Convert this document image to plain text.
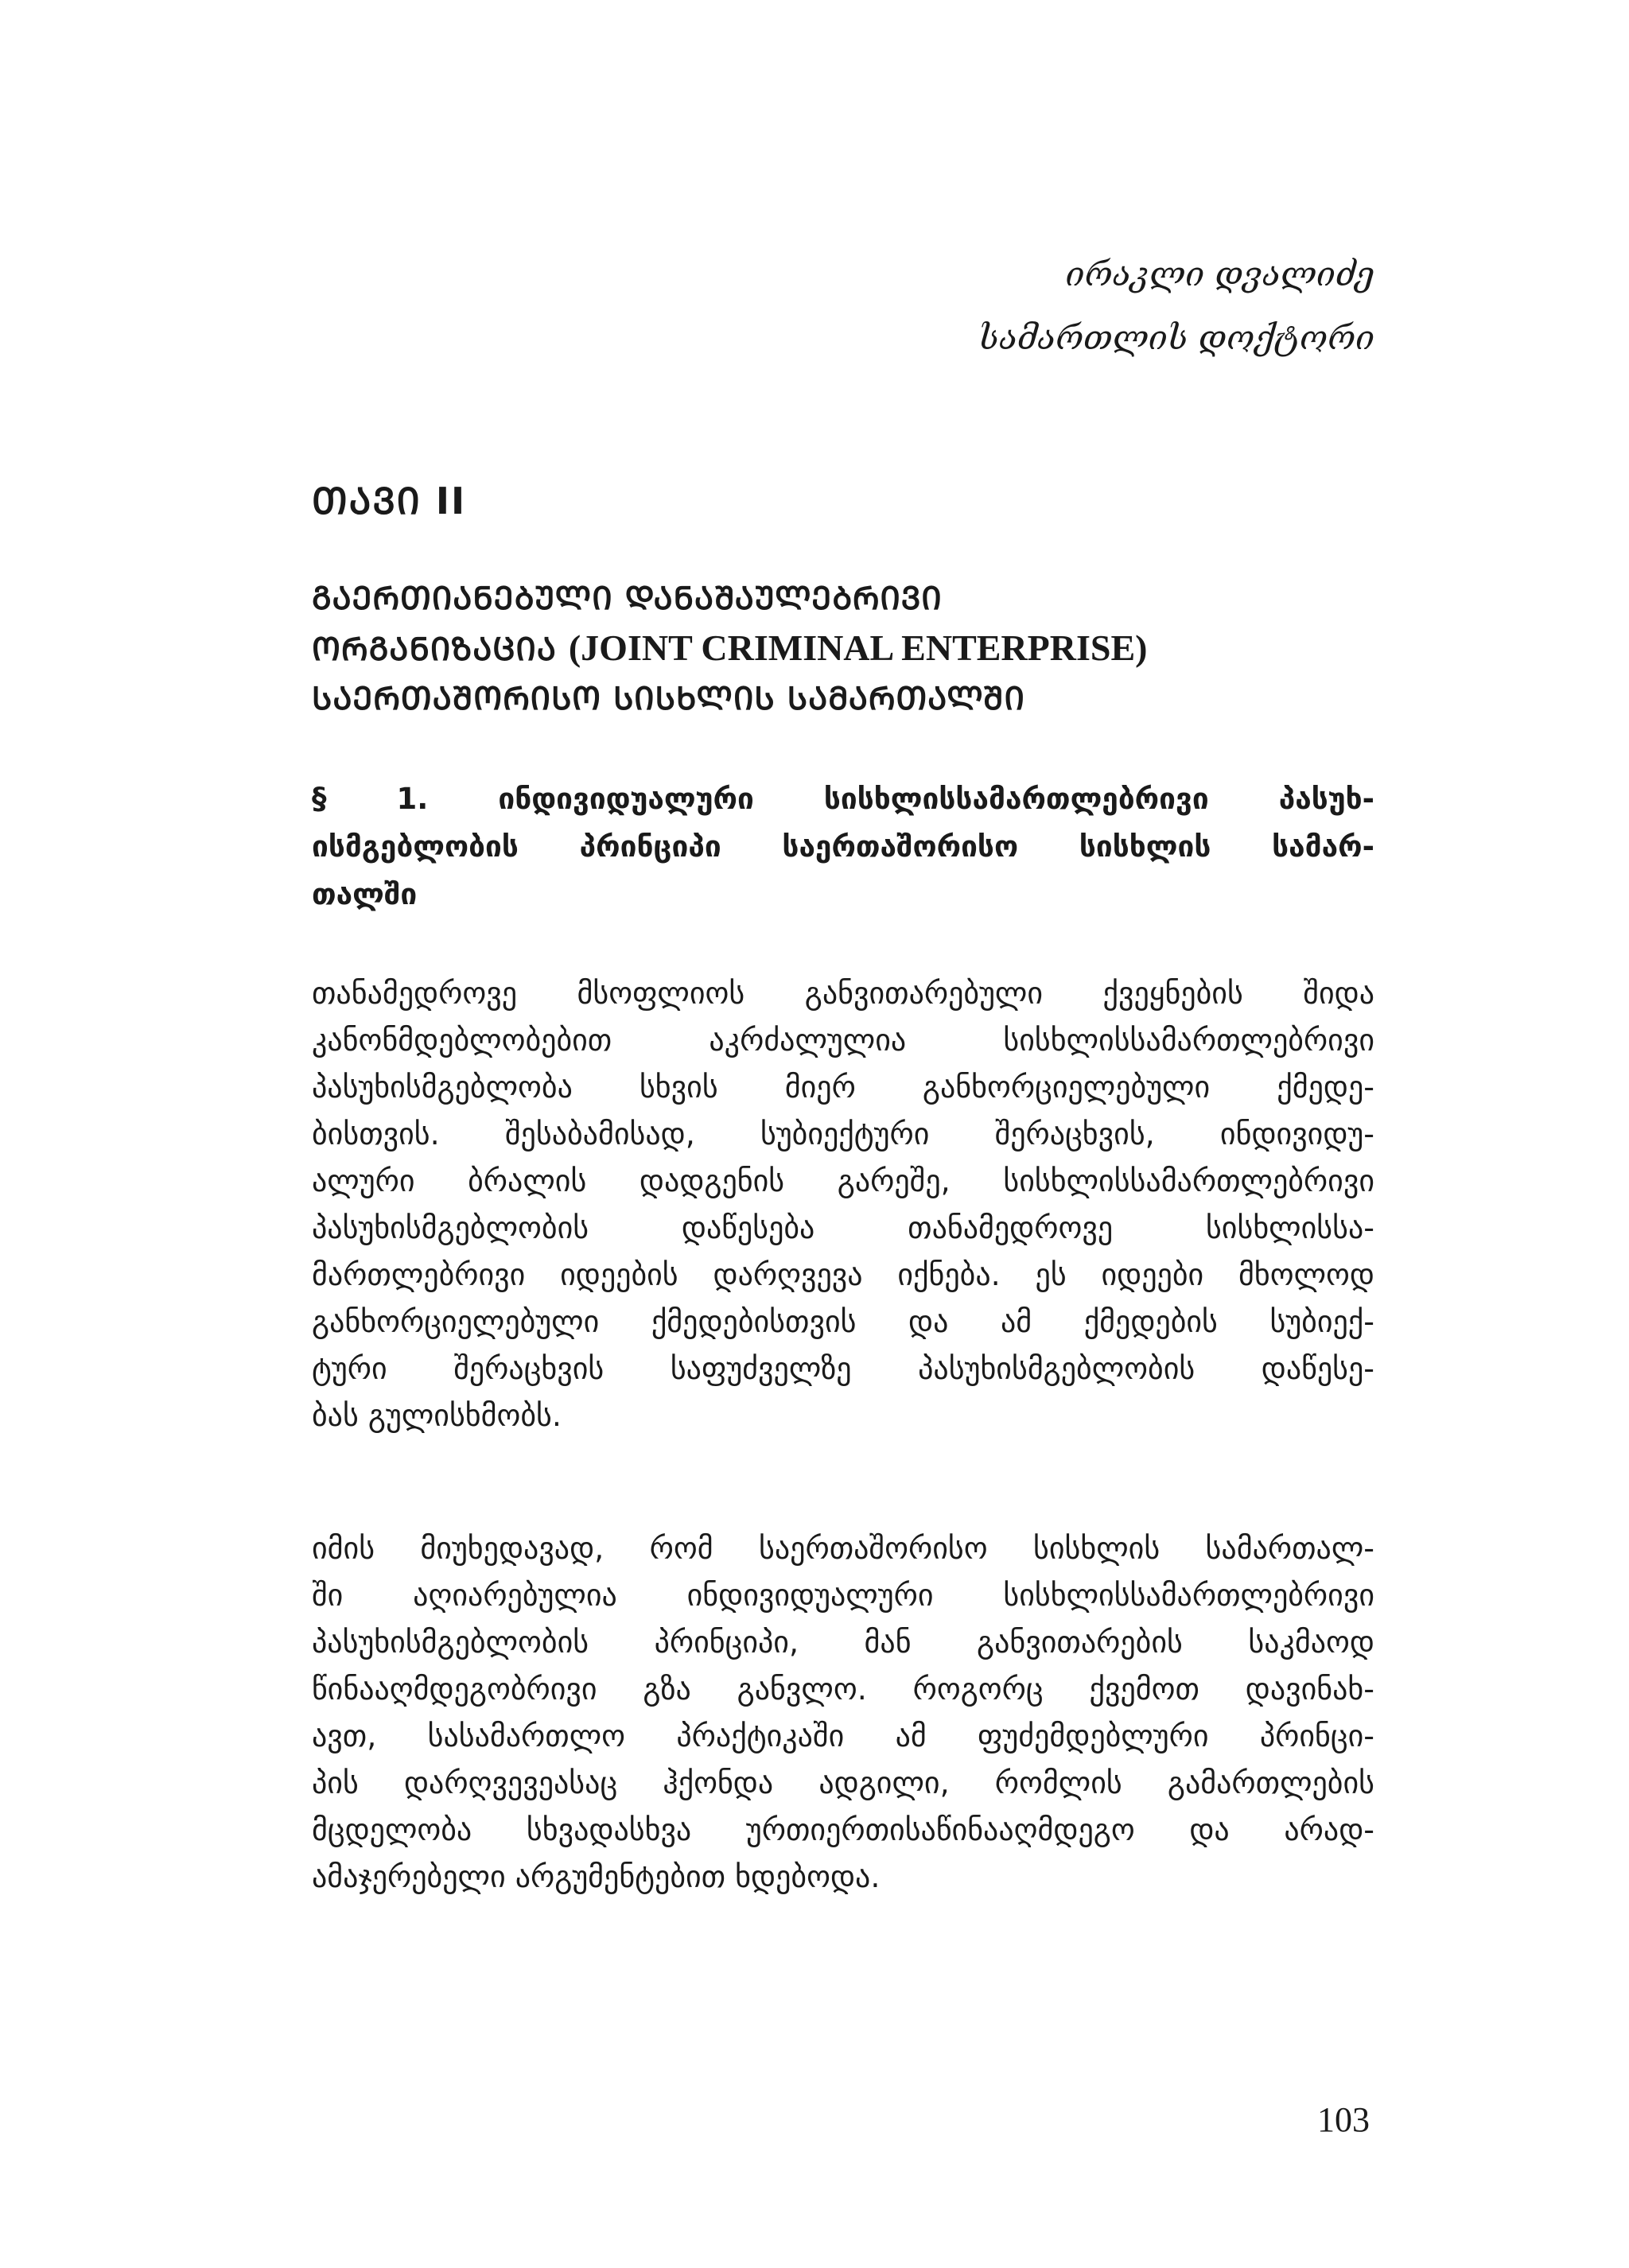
ირაკლი დვალიძე
სამართლის დოქტორი
ᲗᲐᲕᲘ II
ᲒᲐᲔᲠᲗᲘᲐᲜᲔᲑᲣᲚᲘ ᲓᲐᲜᲐᲨᲐᲣᲚᲔᲑᲠᲘᲕᲘ
ᲝᲠᲒᲐᲜᲘᲖᲐᲪᲘᲐ (JOINT CRIMINAL ENTERPRISE)
ᲡᲐᲔᲠᲗᲐᲨᲝᲠᲘᲡᲝ ᲡᲘᲡᲮᲚᲘᲡ ᲡᲐᲛᲐᲠᲗᲐᲚᲨᲘ
§ 1. ინდივიდუალური სისხლისსამართლებრივი პასუხ-
ისმგებლობის პრინციპი საერთაშორისო სისხლის სამარ-
თალში
თანამედროვე მსოფლიოს განვითარებული ქვეყნების შიდა
კანონმდებლობებით აკრძალულია სისხლისსამართლებრივი
პასუხისმგებლობა სხვის მიერ განხორციელებული ქმედე-
ბისთვის. შესაბამისად, სუბიექტური შერაცხვის, ინდივიდუ-
ალური ბრალის დადგენის გარეშე, სისხლისსამართლებრივი
პასუხისმგებლობის დაწესება თანამედროვე სისხლისსა-
მართლებრივი იდეების დარღვევა იქნება. ეს იდეები მხოლოდ
განხორციელებული ქმედებისთვის და ამ ქმედების სუბიექ-
ტური შერაცხვის საფუძველზე პასუხისმგებლობის დაწესე-
ბას გულისხმობს.
იმის მიუხედავად, რომ საერთაშორისო სისხლის სამართალ-
ში აღიარებულია ინდივიდუალური სისხლისსამართლებრივი
პასუხისმგებლობის პრინციპი, მან განვითარების საკმაოდ
წინააღმდეგობრივი გზა განვლო. როგორც ქვემოთ დავინახ-
ავთ, სასამართლო პრაქტიკაში ამ ფუძემდებლური პრინცი-
პის დარღვევეასაც ჰქონდა ადგილი, რომლის გამართლების
მცდელობა სხვადასხვა ურთიერთისაწინააღმდეგო და არად-
ამაჯერებელი არგუმენტებით ხდებოდა.
103
